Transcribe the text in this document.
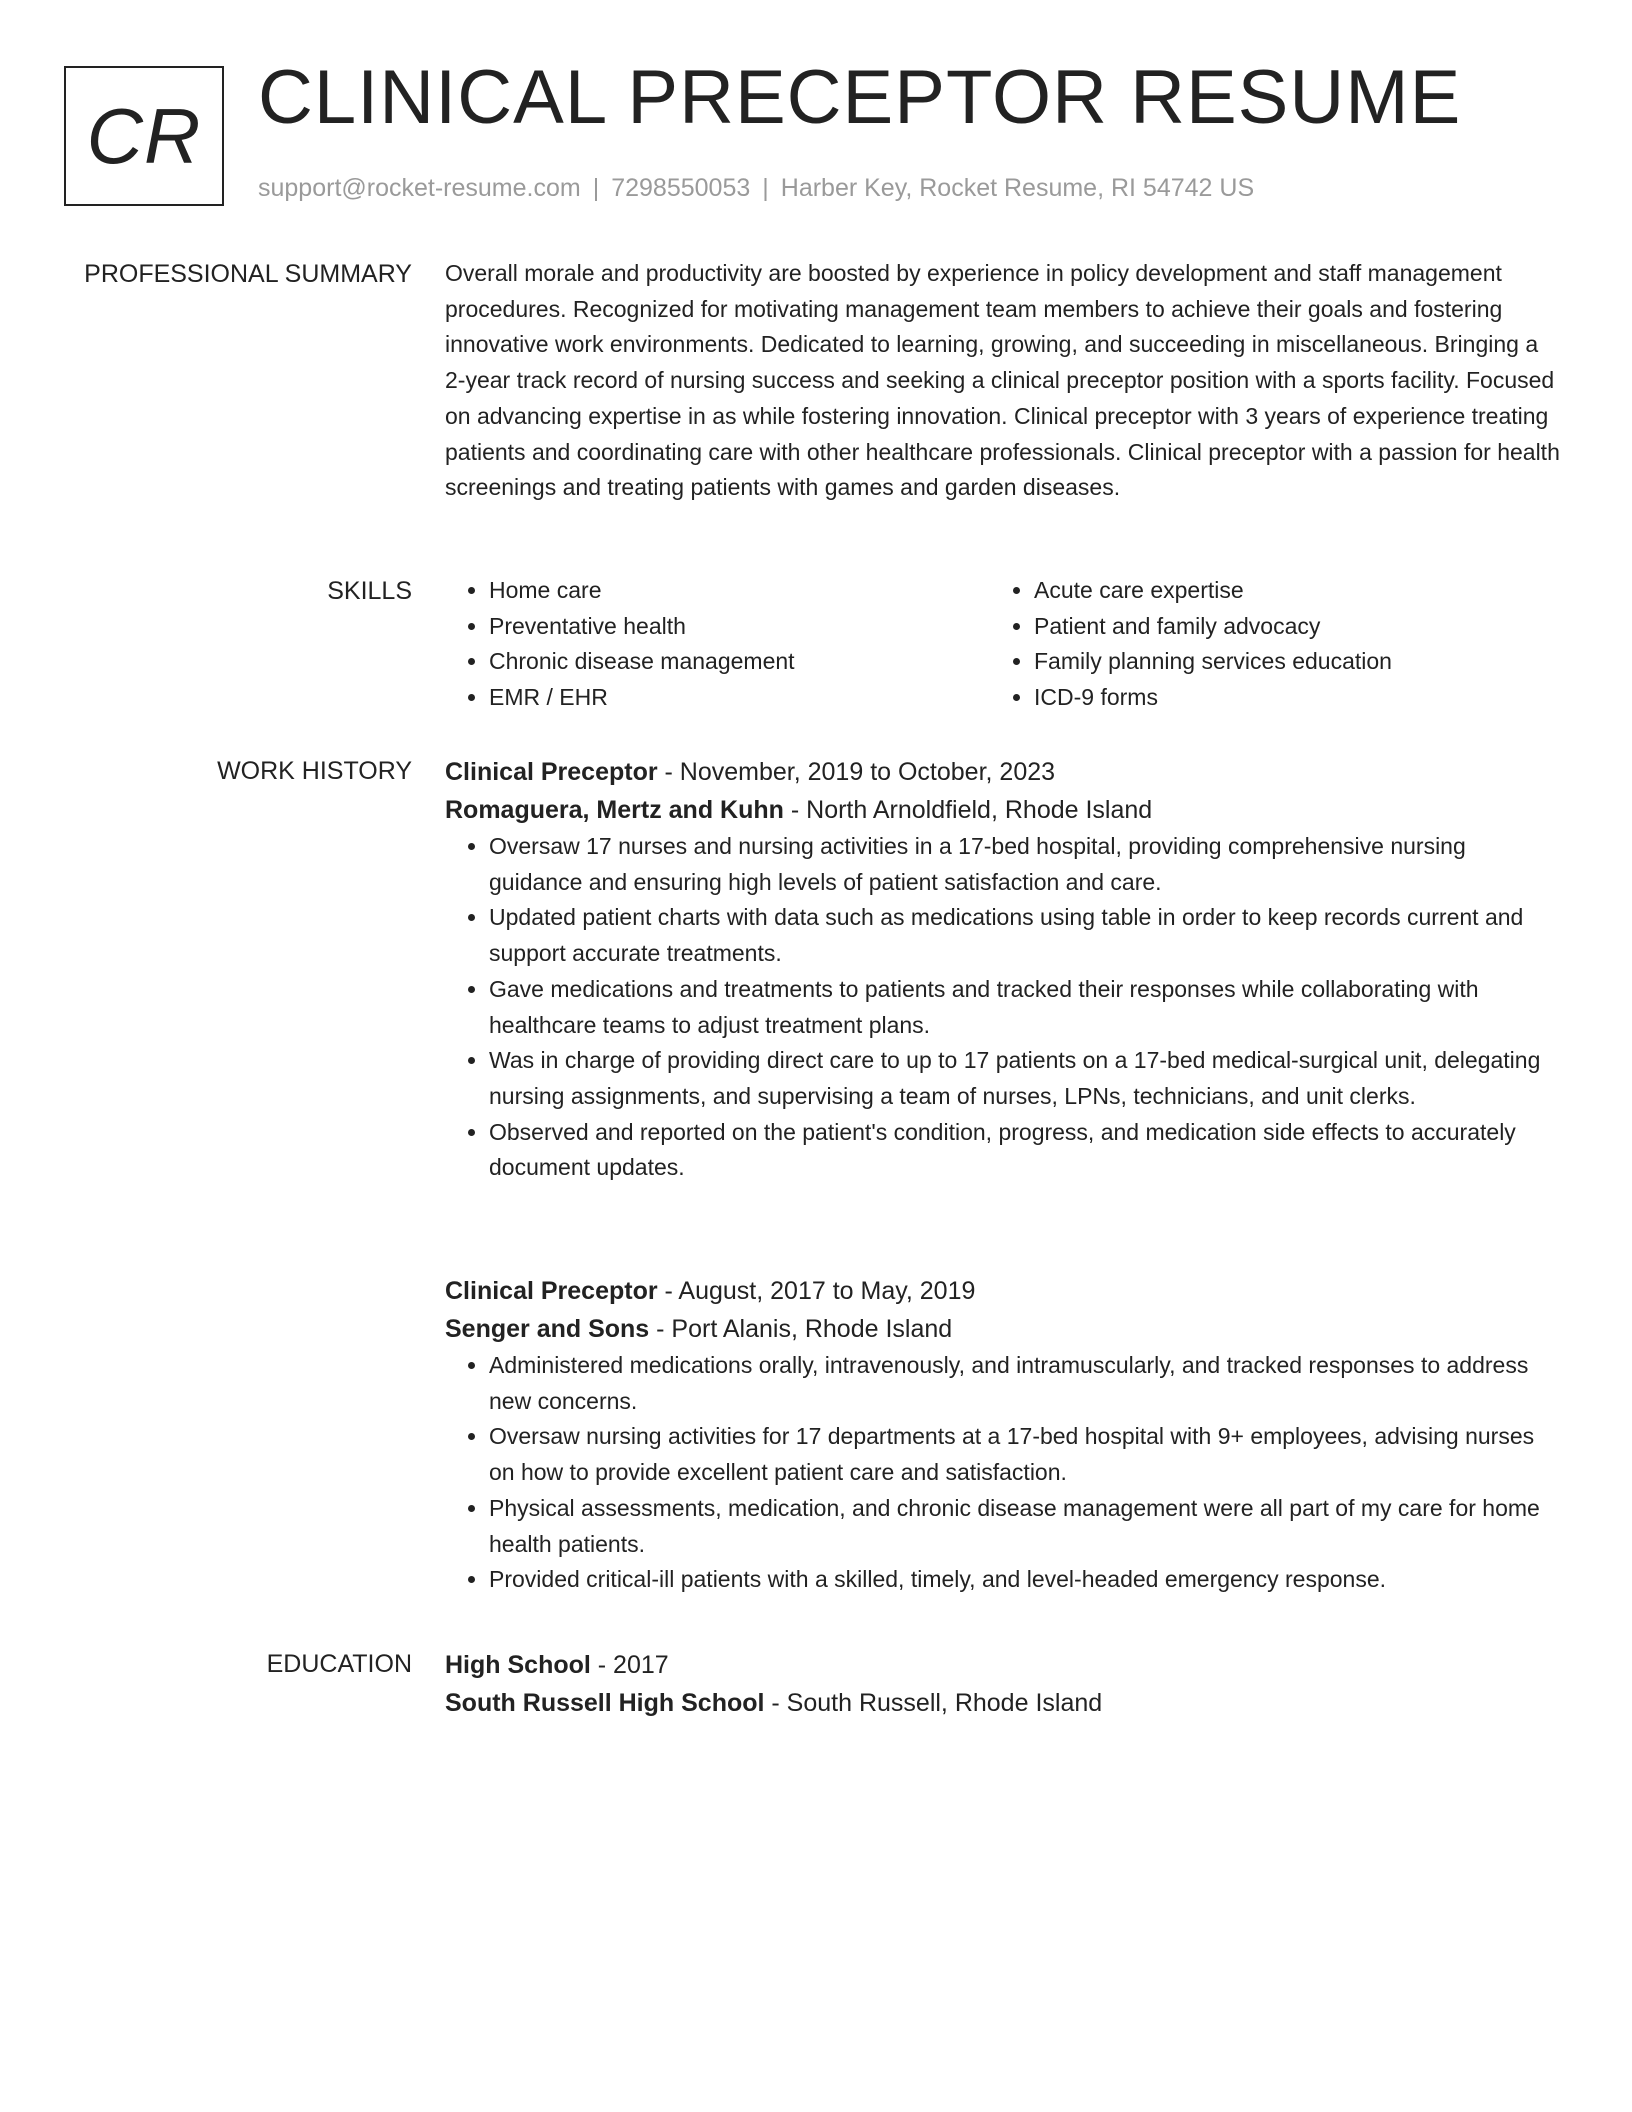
CR CLINICAL PRECEPTOR RESUME
support@rocket-resume.com | 7298550053 | Harber Key, Rocket Resume, RI 54742 US
PROFESSIONAL SUMMARY Overall morale and productivity are boosted by experience in policy development and staff management procedures. Recognized for motivating management team members to achieve their goals and fostering innovative work environments. Dedicated to learning, growing, and succeeding in miscellaneous. Bringing a 2-year track record of nursing success and seeking a clinical preceptor position with a sports facility. Focused on advancing expertise in as while fostering innovation. Clinical preceptor with 3 years of experience treating patients and coordinating care with other healthcare professionals. Clinical preceptor with a passion for health screenings and treating patients with games and garden diseases.

SKILLS
•	Home care
• Preventative health
• Chronic disease management
• EMR / EHR
• Acute care expertise
• Patient and family advocacy
• Family planning services education
• ICD-9 forms
WORK HISTORY Clinical Preceptor - November, 2019 to October, 2023
Romaguera, Mertz and Kuhn - North Arnoldfield, Rhode Island
• Oversaw 17 nurses and nursing activities in a 17-bed hospital, providing comprehensive nursing guidance and ensuring high levels of patient satisfaction and care.
• Updated patient charts with data such as medications using table in order to keep records current and support accurate treatments.
• Gave medications and treatments to patients and tracked their responses while collaborating with healthcare teams to adjust treatment plans.
• Was in charge of providing direct care to up to 17 patients on a 17-bed medical-surgical unit, delegating nursing assignments, and supervising a team of nurses, LPNs, technicians, and unit clerks.
• Observed and reported on the patient's condition, progress, and medication side effects to accurately document updates.
Clinical Preceptor - August, 2017 to May, 2019
Senger and Sons - Port Alanis, Rhode Island
• Administered medications orally, intravenously, and intramuscularly, and tracked responses to address new concerns.
• Oversaw nursing activities for 17 departments at a 17-bed hospital with 9+ employees, advising nurses on how to provide excellent patient care and satisfaction.
• Physical assessments, medication, and chronic disease management were all part of my care for home health patients.
• Provided critical-ill patients with a skilled, timely, and level-headed emergency response.
EDUCATION High School - 2017
South Russell High School - South Russell, Rhode Island
